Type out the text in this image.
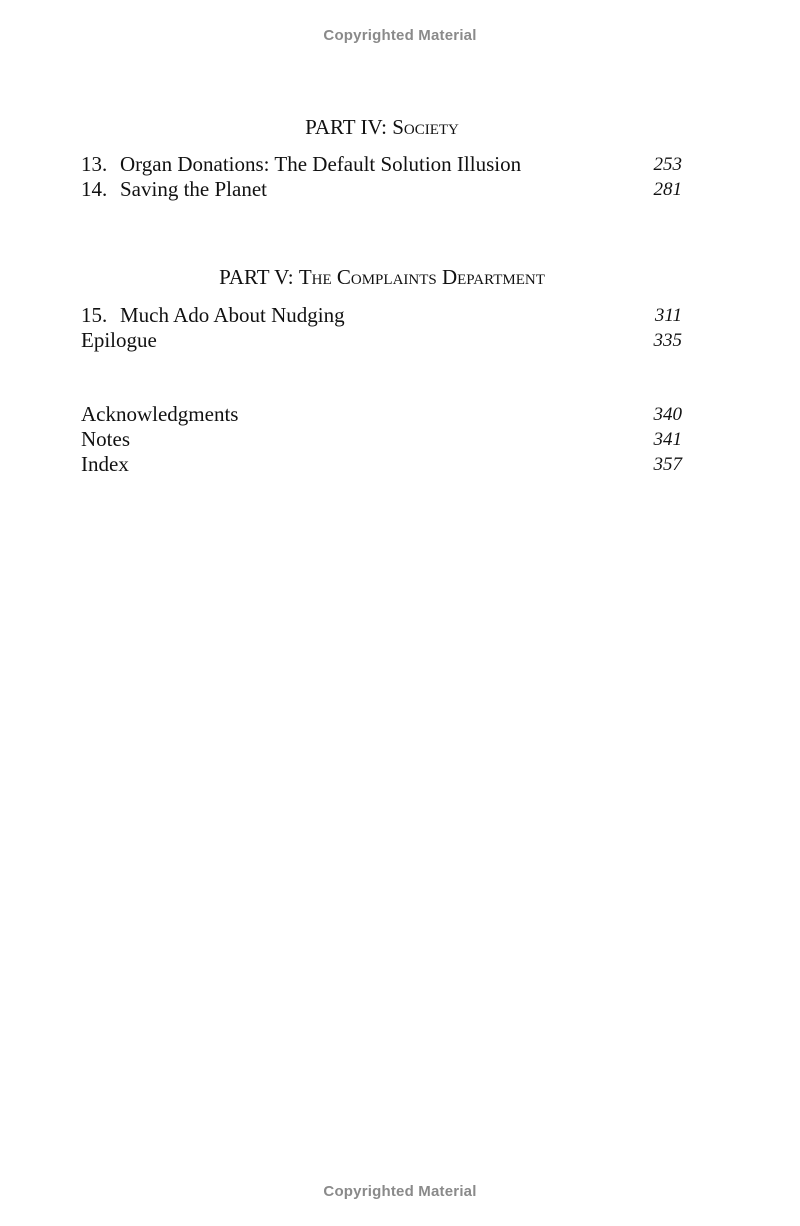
Copyrighted Material
PART IV: Society
13. Organ Donations: The Default Solution Illusion	253
14. Saving the Planet	281
PART V: The Complaints Department
15. Much Ado About Nudging	311
Epilogue	335
Acknowledgments	340
Notes	341
Index	357
Copyrighted Material
